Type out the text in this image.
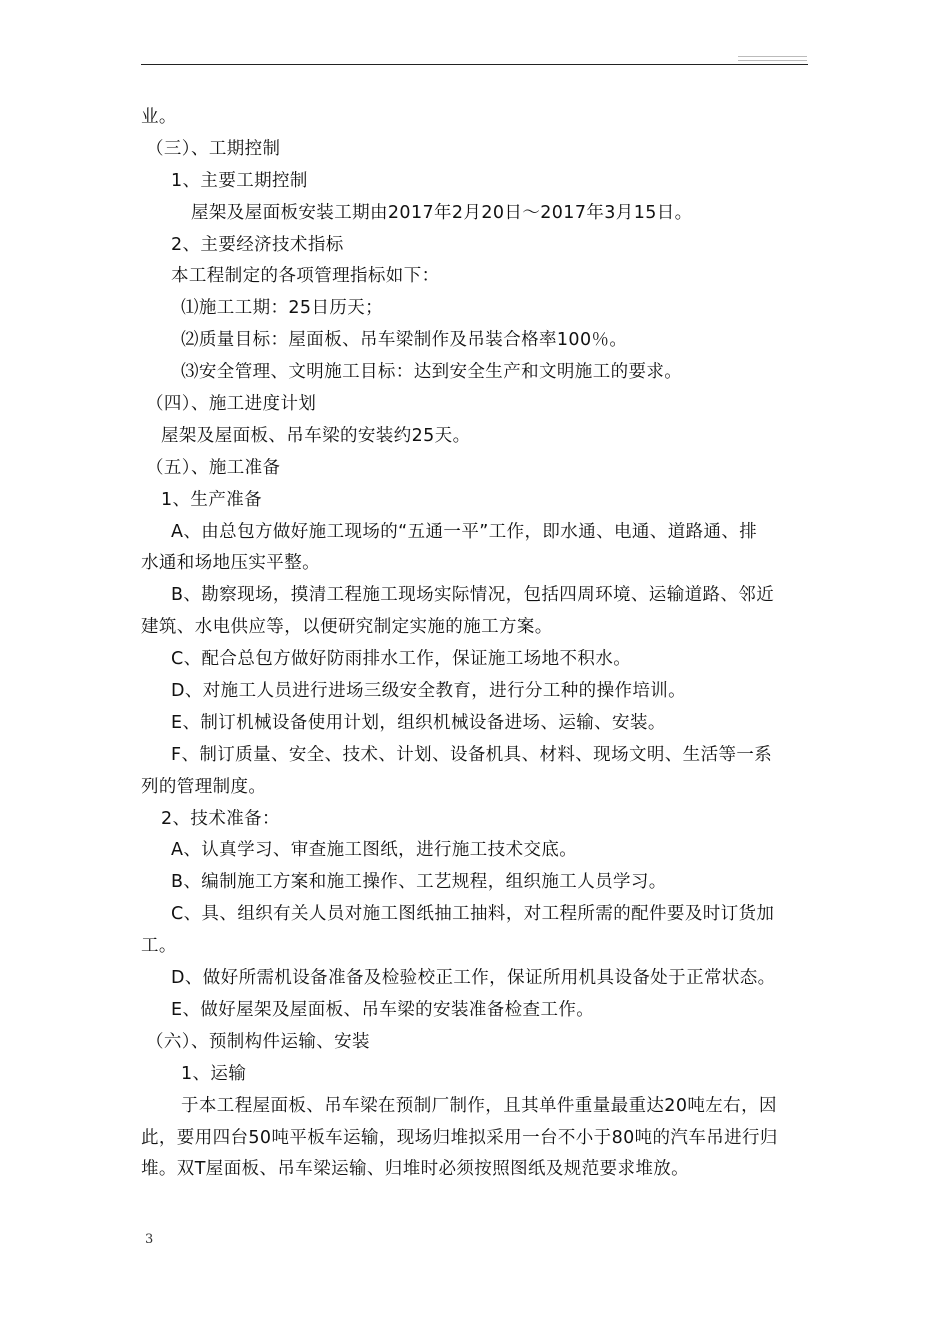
业。
（三）、工期控制
1、主要工期控制
屋架及屋面板安装工期由2017年2月20日～2017年3月15日。
2、主要经济技术指标
本工程制定的各项管理指标如下：
⑴施工工期：25日历天；
⑵质量目标：屋面板、吊车梁制作及吊装合格率100％。
⑶安全管理、文明施工目标：达到安全生产和文明施工的要求。
（四）、施工进度计划
屋架及屋面板、吊车梁的安装约25天。
（五）、施工准备
1、生产准备
A、由总包方做好施工现场的“五通一平”工作，即水通、电通、道路通、排
水通和场地压实平整。
B、勘察现场，摸清工程施工现场实际情况，包括四周环境、运输道路、邻近
建筑、水电供应等，以便研究制定实施的施工方案。
C、配合总包方做好防雨排水工作，保证施工场地不积水。
D、对施工人员进行进场三级安全教育，进行分工种的操作培训。
E、制订机械设备使用计划，组织机械设备进场、运输、安装。
F、制订质量、安全、技术、计划、设备机具、材料、现场文明、生活等一系
列的管理制度。
2、技术准备：
A、认真学习、审查施工图纸，进行施工技术交底。
B、编制施工方案和施工操作、工艺规程，组织施工人员学习。
C、具、组织有关人员对施工图纸抽工抽料，对工程所需的配件要及时订货加
工。
D、做好所需机设备准备及检验校正工作，保证所用机具设备处于正常状态。
E、做好屋架及屋面板、吊车梁的安装准备检查工作。
（六）、预制构件运输、安装
1、运输
于本工程屋面板、吊车梁在预制厂制作，且其单件重量最重达20吨左右，因
此，要用四台50吨平板车运输，现场归堆拟采用一台不小于80吨的汽车吊进行归
堆。双T屋面板、吊车梁运输、归堆时必须按照图纸及规范要求堆放。
3
